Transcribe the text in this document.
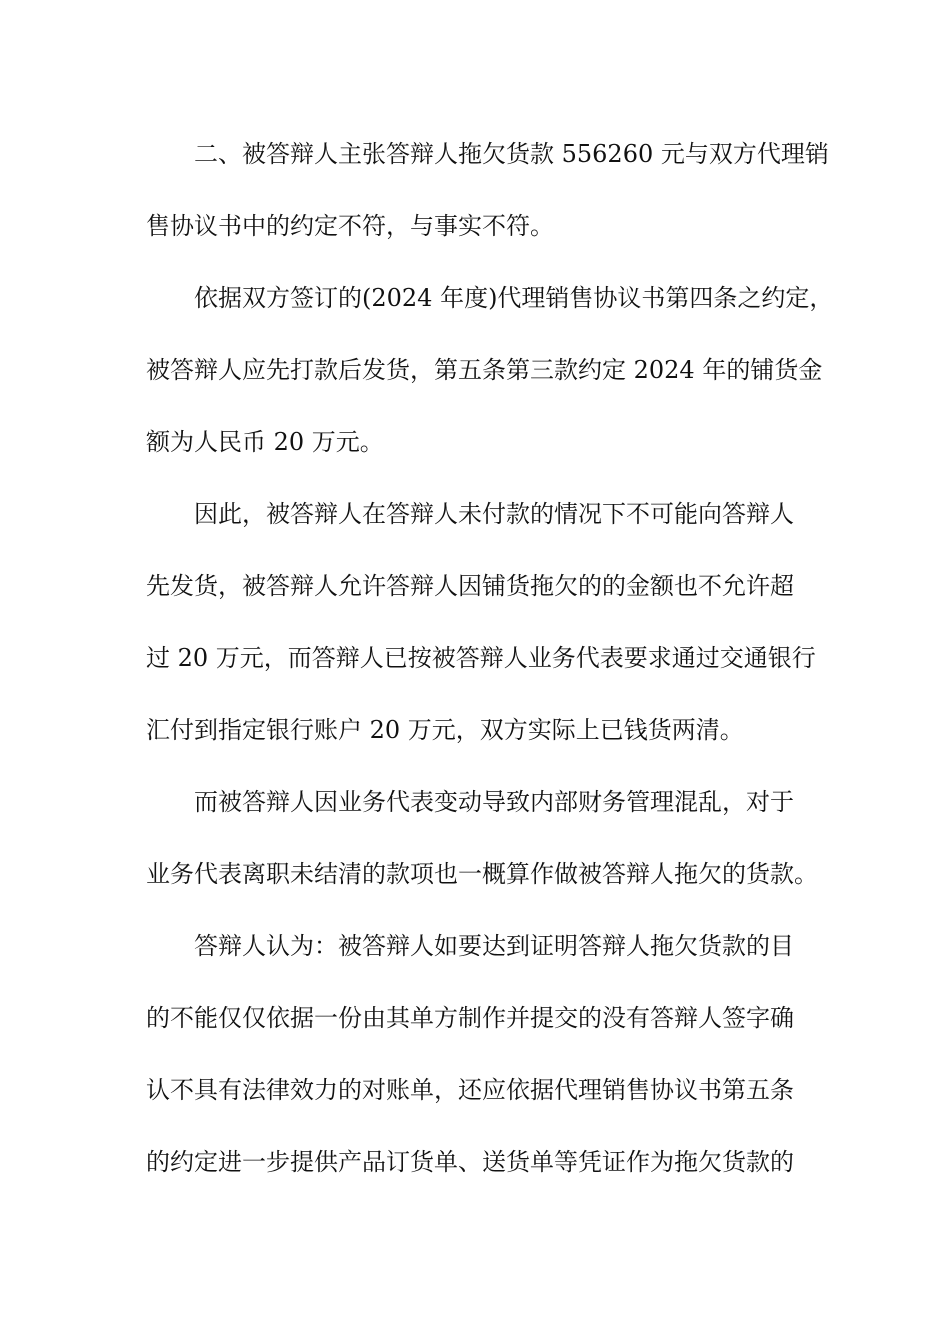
二、被答辩人主张答辩人拖欠货款 556260 元与双方代理销
售协议书中的约定不符，与事实不符。
依据双方签订的(2024 年度)代理销售协议书第四条之约定，
被答辩人应先打款后发货，第五条第三款约定 2024 年的铺货金
额为人民币 20 万元。
因此，被答辩人在答辩人未付款的情况下不可能向答辩人
先发货，被答辩人允许答辩人因铺货拖欠的的金额也不允许超
过 20 万元，而答辩人已按被答辩人业务代表要求通过交通银行
汇付到指定银行账户 20 万元，双方实际上已钱货两清。
而被答辩人因业务代表变动导致内部财务管理混乱，对于
业务代表离职未结清的款项也一概算作做被答辩人拖欠的货款。
答辩人认为：被答辩人如要达到证明答辩人拖欠货款的目
的不能仅仅依据一份由其单方制作并提交的没有答辩人签字确
认不具有法律效力的对账单，还应依据代理销售协议书第五条
的约定进一步提供产品订货单、送货单等凭证作为拖欠货款的
